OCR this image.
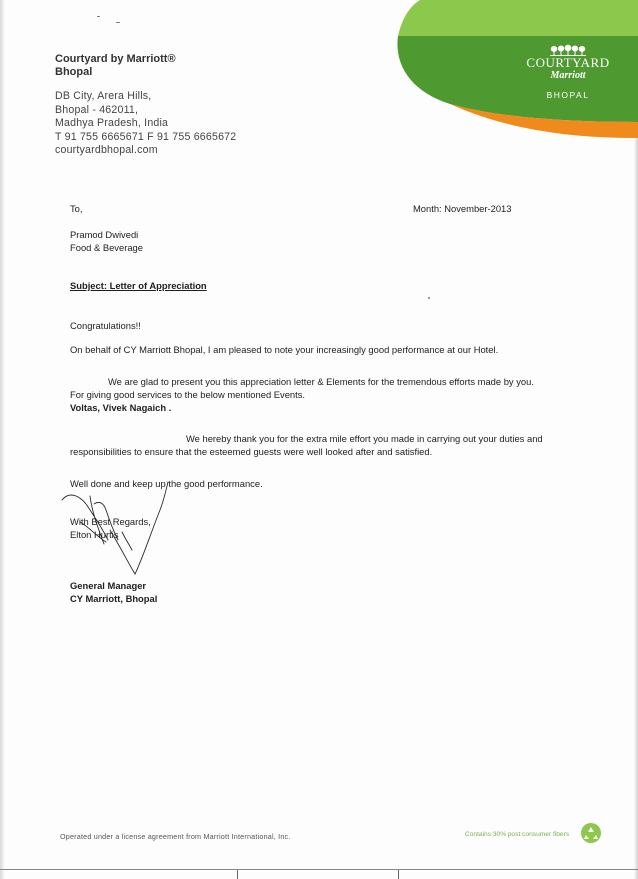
COURTYARD
Marriott
BHOPAL
Courtyard by Marriott®
Bhopal
DB City, Arera Hills,
Bhopal - 462011,
Madhya Pradesh, India
T 91 755 6665671 F 91 755 6665672
courtyardbhopal.com
To,	Month: November-2013
Pramod Dwivedi
Food & Beverage
Subject: Letter of Appreciation
Congratulations!!
On behalf of CY Marriott Bhopal, I am pleased to note your increasingly good performance at our Hotel.
We are glad to present you this appreciation letter & Elements for the tremendous efforts made by you.
For giving good services to the below mentioned Events.
Voltas, Vivek Nagaich .
We hereby thank you for the extra mile effort you made in carrying out your duties and
responsibilities to ensure that the esteemed guests were well looked after and satisfied.
Well done and keep up the good performance.
With Best Regards,
Elton Hurtis
General Manager
CY Marriott, Bhopal
Operated under a license agreement from Marriott International, Inc.	Contains 30% post consumer fibers
